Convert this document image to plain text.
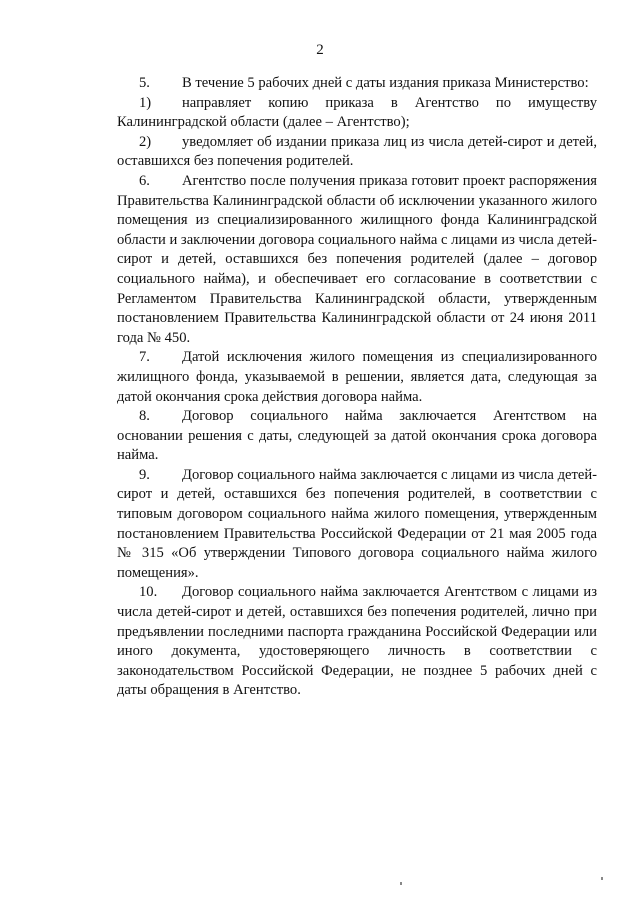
2

5. В течение 5 рабочих дней с даты издания приказа Министерство:

1) направляет копию приказа в Агентство по имуществу Калининградской области (далее – Агентство);

2) уведомляет об издании приказа лиц из числа детей-сирот и детей, оставшихся без попечения родителей.

6. Агентство после получения приказа готовит проект распоряжения Правительства Калининградской области об исключении указанного жилого помещения из специализированного жилищного фонда Калининградской области и заключении договора социального найма с лицами из числа детей-сирот и детей, оставшихся без попечения родителей (далее – договор социального найма), и обеспечивает его согласование в соответствии с Регламентом Правительства Калининградской области, утвержденным постановлением Правительства Калининградской области от 24 июня 2011 года № 450.

7. Датой исключения жилого помещения из специализированного жилищного фонда, указываемой в решении, является дата, следующая за датой окончания срока действия договора найма.

8. Договор социального найма заключается Агентством на основании решения с даты, следующей за датой окончания срока договора найма.

9. Договор социального найма заключается с лицами из числа детей-сирот и детей, оставшихся без попечения родителей, в соответствии с типовым договором социального найма жилого помещения, утвержденным постановлением Правительства Российской Федерации от 21 мая 2005 года № 315 «Об утверждении Типового договора социального найма жилого помещения».

10. Договор социального найма заключается Агентством с лицами из числа детей-сирот и детей, оставшихся без попечения родителей, лично при предъявлении последними паспорта гражданина Российской Федерации или иного документа, удостоверяющего личность в соответствии с законодательством Российской Федерации, не позднее 5 рабочих дней с даты обращения в Агентство.
